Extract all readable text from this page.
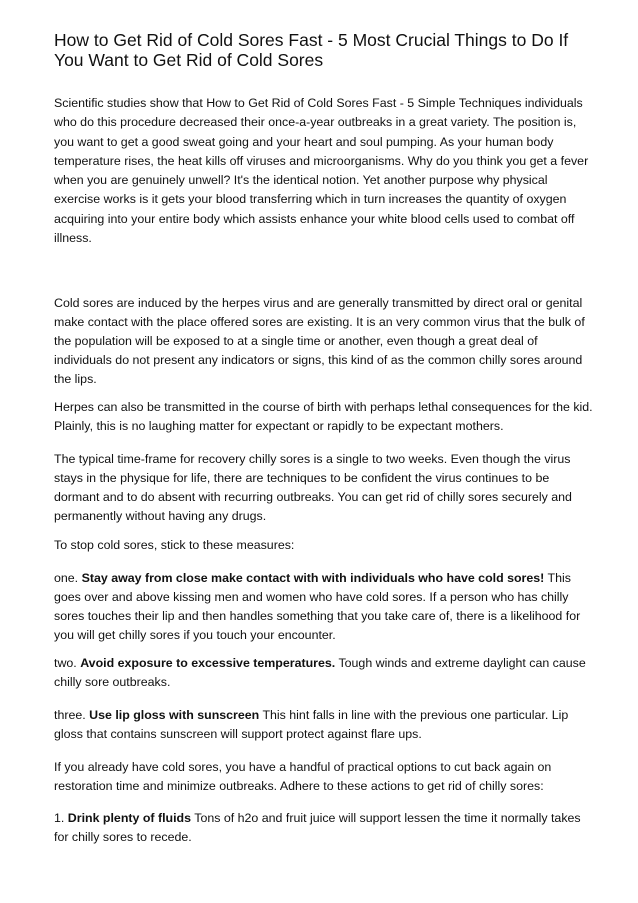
How to Get Rid of Cold Sores Fast - 5 Most Crucial Things to Do If You Want to Get Rid of Cold Sores

Scientific studies show that How to Get Rid of Cold Sores Fast - 5 Simple Techniques individuals who do this procedure decreased their once-a-year outbreaks in a great variety. The position is, you want to get a good sweat going and your heart and soul pumping. As your human body temperature rises, the heat kills off viruses and microorganisms. Why do you think you get a fever when you are genuinely unwell? It's the identical notion. Yet another purpose why physical exercise works is it gets your blood transferring which in turn increases the quantity of oxygen acquiring into your entire body which assists enhance your white blood cells used to combat off illness.

Cold sores are induced by the herpes virus and are generally transmitted by direct oral or genital make contact with the place offered sores are existing. It is an very common virus that the bulk of the population will be exposed to at a single time or another, even though a great deal of individuals do not present any indicators or signs, this kind of as the common chilly sores around the lips.

Herpes can also be transmitted in the course of birth with perhaps lethal consequences for the kid. Plainly, this is no laughing matter for expectant or rapidly to be expectant mothers.

The typical time-frame for recovery chilly sores is a single to two weeks. Even though the virus stays in the physique for life, there are techniques to be confident the virus continues to be dormant and to do absent with recurring outbreaks. You can get rid of chilly sores securely and permanently without having any drugs.

To stop cold sores, stick to these measures:

one. Stay away from close make contact with with individuals who have cold sores! This goes over and above kissing men and women who have cold sores. If a person who has chilly sores touches their lip and then handles something that you take care of, there is a likelihood for you will get chilly sores if you touch your encounter.

two. Avoid exposure to excessive temperatures. Tough winds and extreme daylight can cause chilly sore outbreaks.

three. Use lip gloss with sunscreen This hint falls in line with the previous one particular. Lip gloss that contains sunscreen will support protect against flare ups.

If you already have cold sores, you have a handful of practical options to cut back again on restoration time and minimize outbreaks. Adhere to these actions to get rid of chilly sores:

1. Drink plenty of fluids Tons of h2o and fruit juice will support lessen the time it normally takes for chilly sores to recede.
